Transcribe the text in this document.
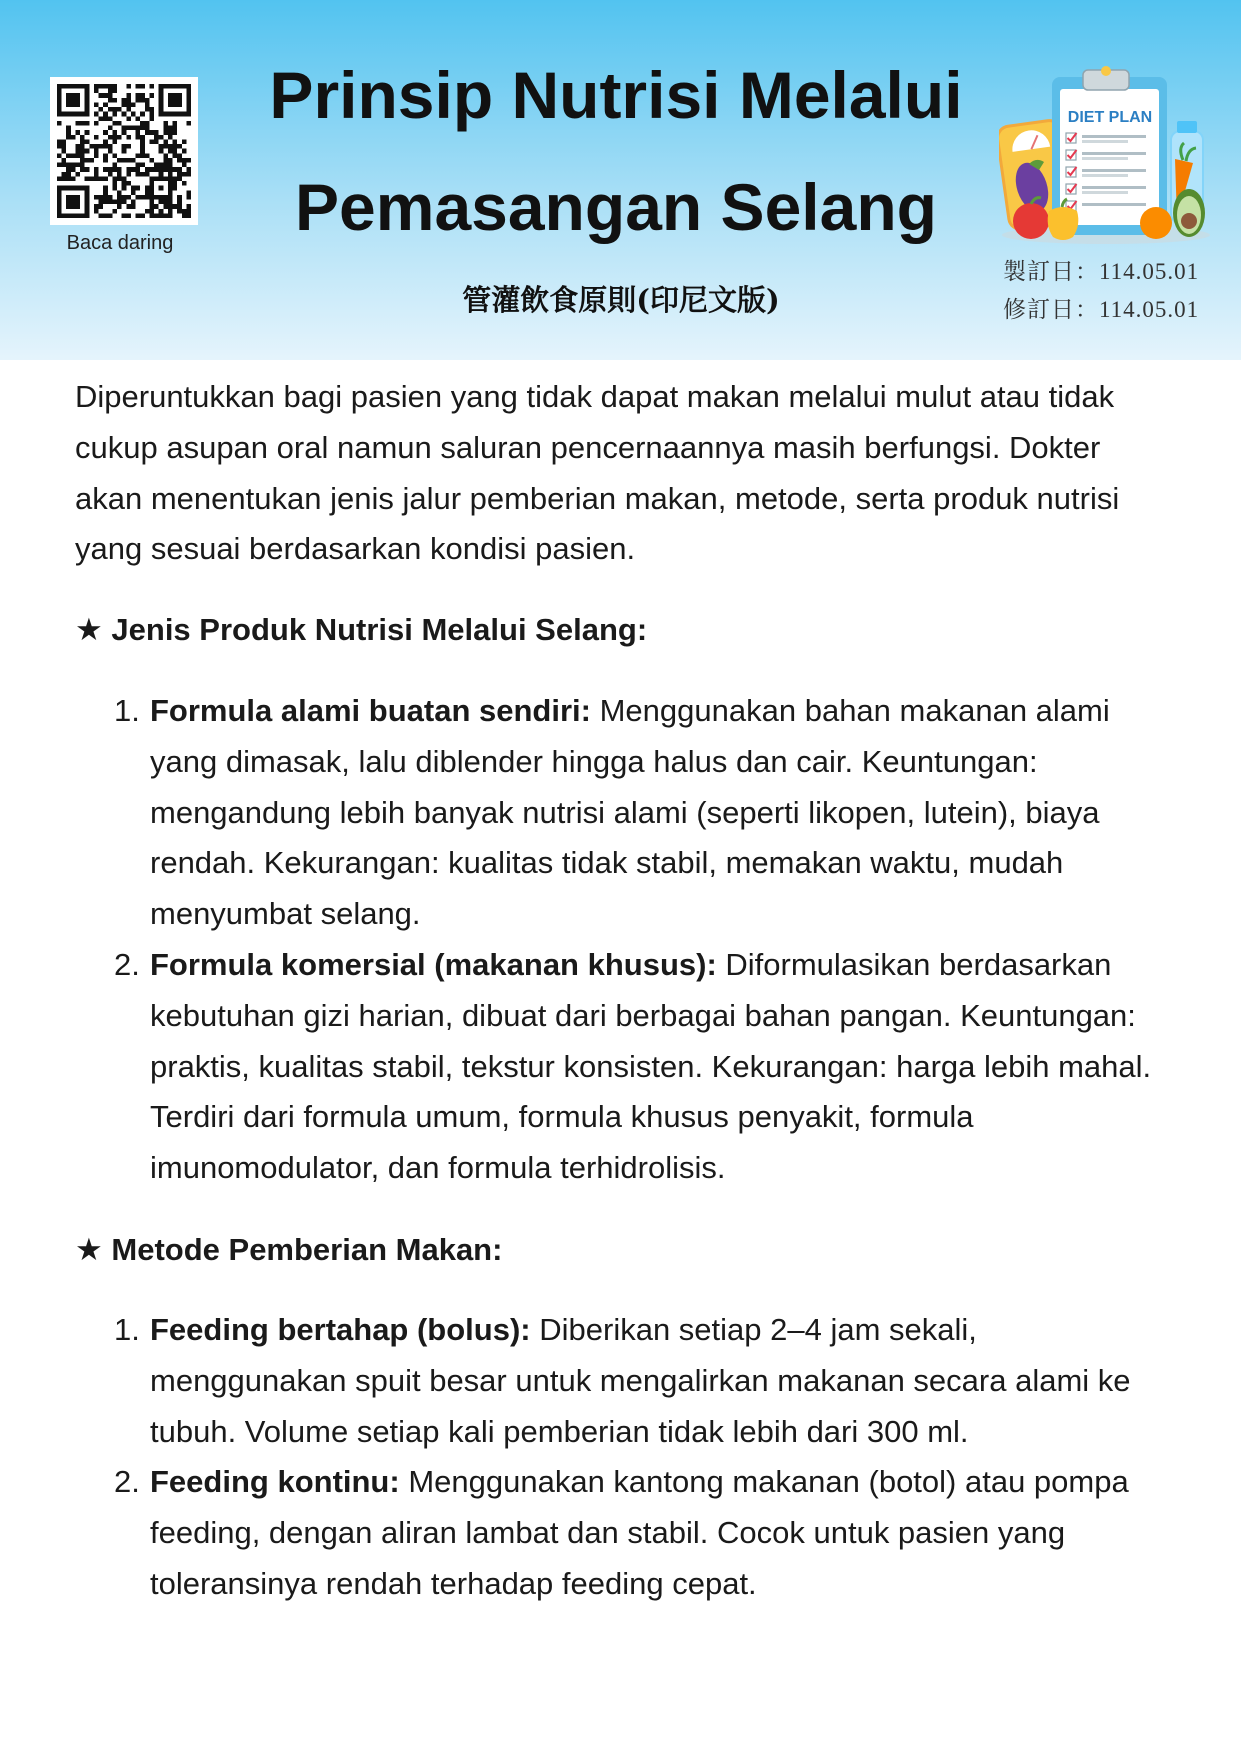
Baca daring
Prinsip Nutrisi Melalui
Pemasangan Selang
管灌飲食原則(印尼文版)
DIET PLAN
製訂日：114.05.01
修訂日：114.05.01
Diperuntukkan bagi pasien yang tidak dapat makan melalui mulut atau tidak
cukup asupan oral namun saluran pencernaannya masih berfungsi. Dokter
akan menentukan jenis jalur pemberian makan, metode, serta produk nutrisi
yang sesuai berdasarkan kondisi pasien.
★ Jenis Produk Nutrisi Melalui Selang:
1. Formula alami buatan sendiri: Menggunakan bahan makanan alami
yang dimasak, lalu diblender hingga halus dan cair. Keuntungan:
mengandung lebih banyak nutrisi alami (seperti likopen, lutein), biaya
rendah. Kekurangan: kualitas tidak stabil, memakan waktu, mudah
menyumbat selang.
2. Formula komersial (makanan khusus): Diformulasikan berdasarkan
kebutuhan gizi harian, dibuat dari berbagai bahan pangan. Keuntungan:
praktis, kualitas stabil, tekstur konsisten. Kekurangan: harga lebih mahal.
Terdiri dari formula umum, formula khusus penyakit, formula
imunomodulator, dan formula terhidrolisis.
★ Metode Pemberian Makan:
1. Feeding bertahap (bolus): Diberikan setiap 2–4 jam sekali,
menggunakan spuit besar untuk mengalirkan makanan secara alami ke
tubuh. Volume setiap kali pemberian tidak lebih dari 300 ml.
2. Feeding kontinu: Menggunakan kantong makanan (botol) atau pompa
feeding, dengan aliran lambat dan stabil. Cocok untuk pasien yang
toleransinya rendah terhadap feeding cepat.
